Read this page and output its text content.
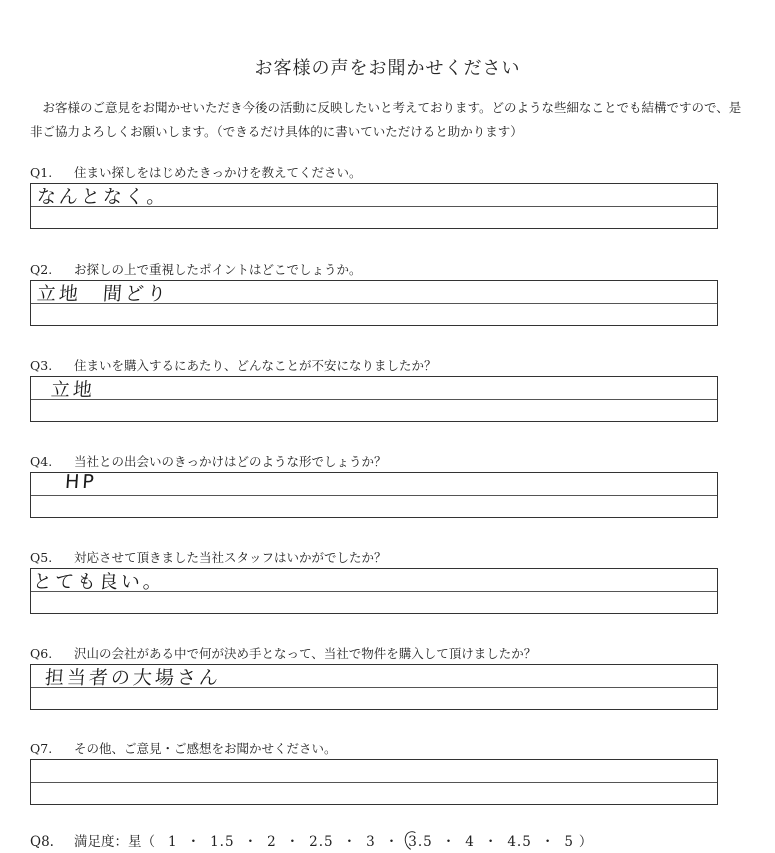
お客様の声をお聞かせください
お客様のご意見をお聞かせいただき今後の活動に反映したいと考えております。どのような些細なことでも結構ですので、是非ご協力よろしくお願いします。（できるだけ具体的に書いていただけると助かります）
Q1. 住まい探しをはじめたきっかけを教えてください。
なんとなく。
Q2. お探しの上で重視したポイントはどこでしょうか。
立地　間どり
Q3. 住まいを購入するにあたり、どんなことが不安になりましたか？
立地
Q4. 当社との出会いのきっかけはどのような形でしょうか？
HP
Q5. 対応させて頂きました当社スタッフはいかがでしたか？
とても良い。
Q6. 沢山の会社がある中で何が決め手となって、当社で物件を購入して頂けましたか？
担当者の大場さん
Q7. その他、ご意見・ご感想をお聞かせください。
Q8. 満足度：星（ 1 ・ 1.5 ・ 2 ・ 2.5 ・ 3 ・ 3.5 ・ 4 ・ 4.5 ・ 5 ）
